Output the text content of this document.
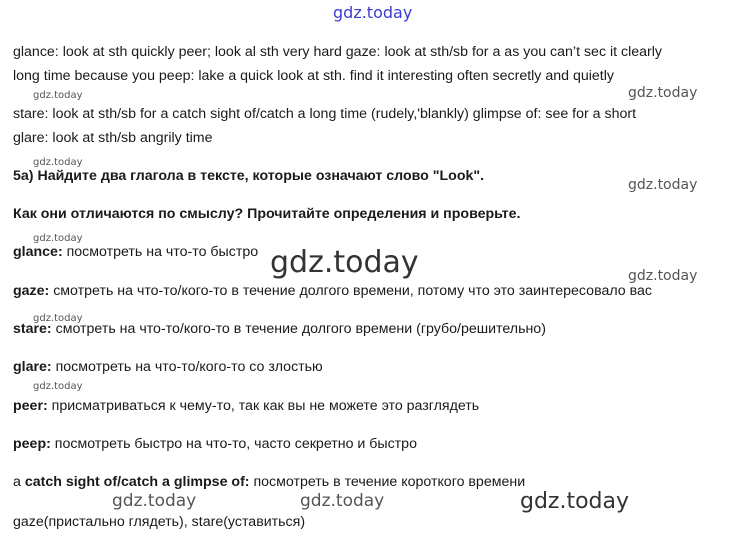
gdz.today
glance: look at sth quickly peer; look al sth very hard gaze: look at sth/sb for a as you can’t sec it clearly
long time because you peep: lake a quick look at sth. find it interesting often secretly and quietly
stare: look at sth/sb for a catch sight of/catch a long time (rudely,'blankly) glimpse of: see for a short
glare: look at sth/sb angrily time
5а) Найдите два глагола в тексте, которые означают слово "Look".
Как они отличаются по смыслу? Прочитайте определения и проверьте.
glance: посмотреть на что-то быстро
gaze: смотреть на что-то/кого-то в течение долгого времени, потому что это заинтересовало вас
stare: смотреть на что-то/кого-то в течение долгого времени (грубо/решительно)
glare: посмотреть на что-то/кого-то со злостью
peer: присматриваться к чему-то, так как вы не можете это разглядеть
peep: посмотреть быстро на что-то, часто секретно и быстро
a catch sight of/catch a glimpse of: посмотреть в течение короткого времени
gaze(пристально глядеть), stare(уставиться)
gdz.today	gdz.today
gdz.today
gdz.today
gdz.today
gdz.today	gdz.today
gdz.today
gdz.today
gdz.today	gdz.today	gdz.today
